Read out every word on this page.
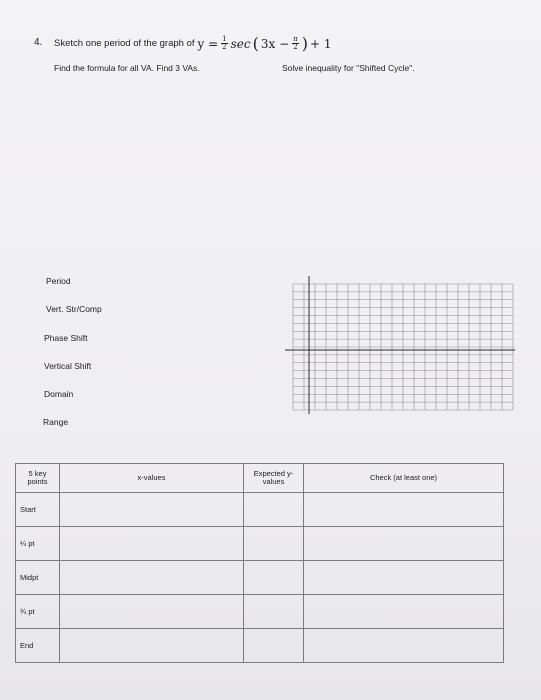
4. Sketch one period of the graph of $y = \frac{1}{2}$ sec ( $3x - \frac{\pi}{2}$ ) + 1
Find the formula for all VA. Find 3 VAs.	Solve inequality for "Shifted Cycle".
Period
Vert. Str/Comp
Phase Shift
Vertical Shift
Domain
Range
5 key points	x-values	Expected y-values	Check (at least one)
Start			
¼ pt			
Midpt			
¾ pt			
End			
